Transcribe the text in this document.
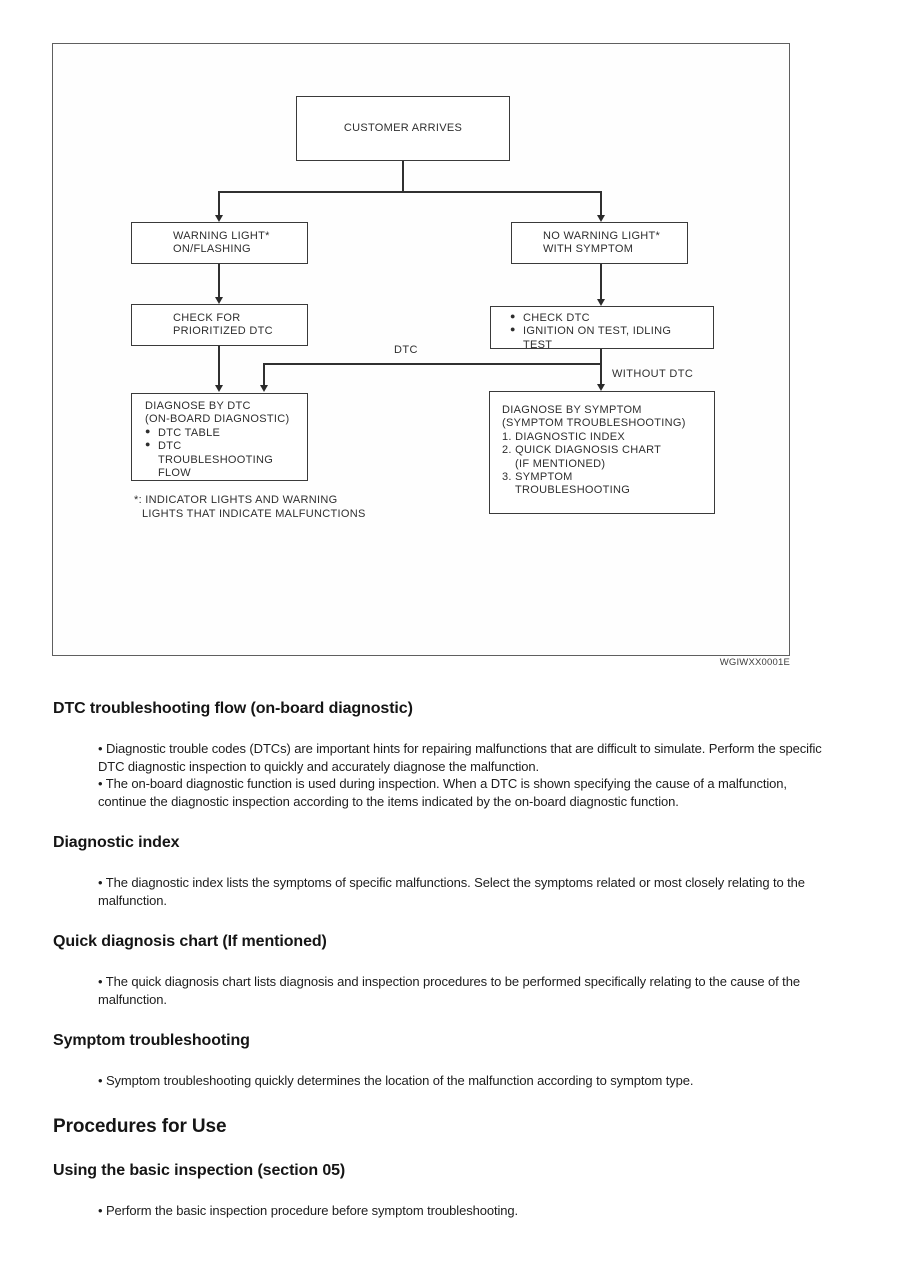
CUSTOMER ARRIVES
WARNING LIGHT*
ON/FLASHING
NO WARNING LIGHT*
WITH SYMPTOM
CHECK FOR
PRIORITIZED DTC
● CHECK DTC
● IGNITION ON TEST, IDLING
TEST
DIAGNOSE BY DTC
(ON-BOARD DIAGNOSTIC)
● DTC TABLE
● DTC
TROUBLESHOOTING
FLOW
DIAGNOSE BY SYMPTOM
(SYMPTOM TROUBLESHOOTING)
1. DIAGNOSTIC INDEX
2. QUICK DIAGNOSIS CHART
(IF MENTIONED)
3. SYMPTOM
TROUBLESHOOTING
DTC
WITHOUT DTC
*: INDICATOR LIGHTS AND WARNING
LIGHTS THAT INDICATE MALFUNCTIONS
WGIWXX0001E
DTC troubleshooting flow (on-board diagnostic)

• Diagnostic trouble codes (DTCs) are important hints for repairing malfunctions that are difficult to simulate. Perform the specific DTC diagnostic inspection to quickly and accurately diagnose the malfunction.

• The on-board diagnostic function is used during inspection. When a DTC is shown specifying the cause of a malfunction, continue the diagnostic inspection according to the items indicated by the on-board diagnostic function.

Diagnostic index

• The diagnostic index lists the symptoms of specific malfunctions. Select the symptoms related or most closely relating to the malfunction.

Quick diagnosis chart (If mentioned)

• The quick diagnosis chart lists diagnosis and inspection procedures to be performed specifically relating to the cause of the malfunction.

Symptom troubleshooting

• Symptom troubleshooting quickly determines the location of the malfunction according to symptom type.

Procedures for Use
Using the basic inspection (section 05)

• Perform the basic inspection procedure before symptom troubleshooting.
